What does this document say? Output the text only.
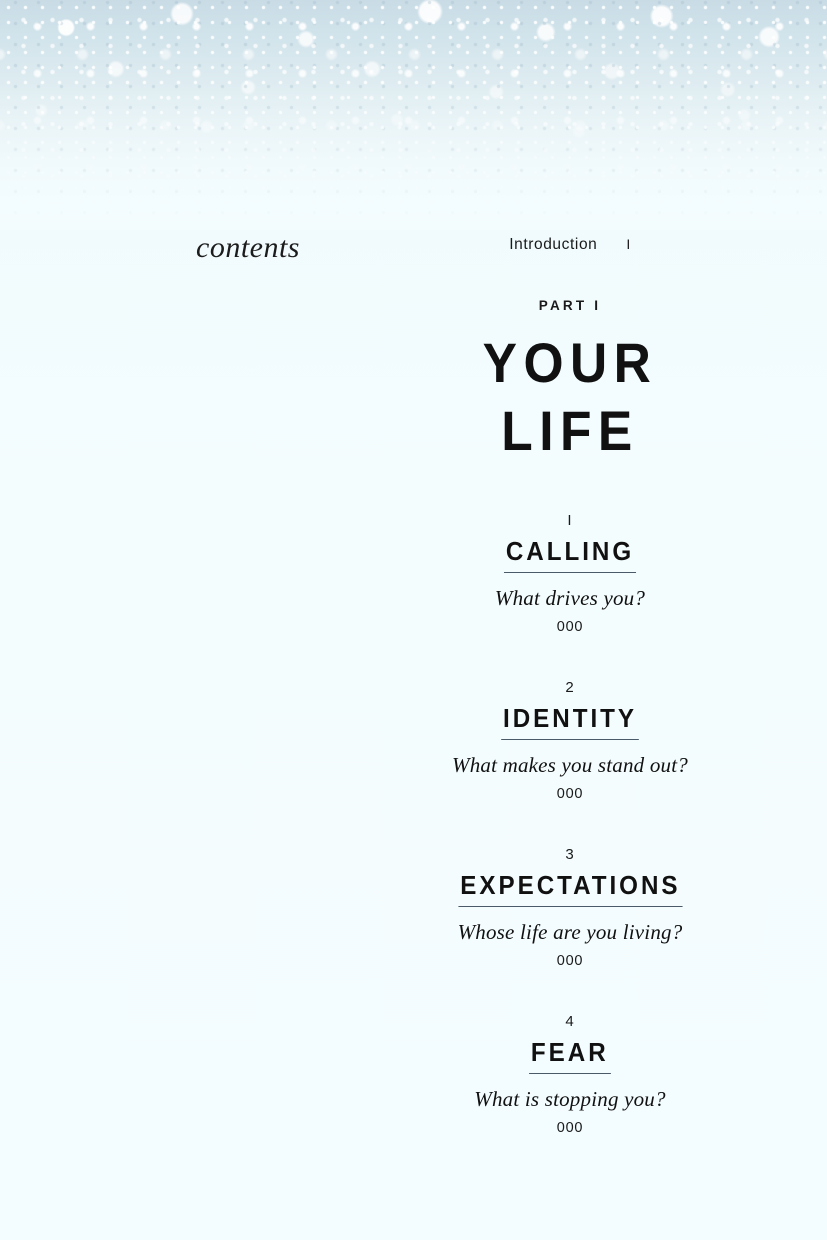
contents	Introduction I
PART I
YOUR
LIFE
I
CALLING
What drives you?
000
2
IDENTITY
What makes you stand out?
000
3
EXPECTATIONS
Whose life are you living?
000
4
FEAR
What is stopping you?
000
